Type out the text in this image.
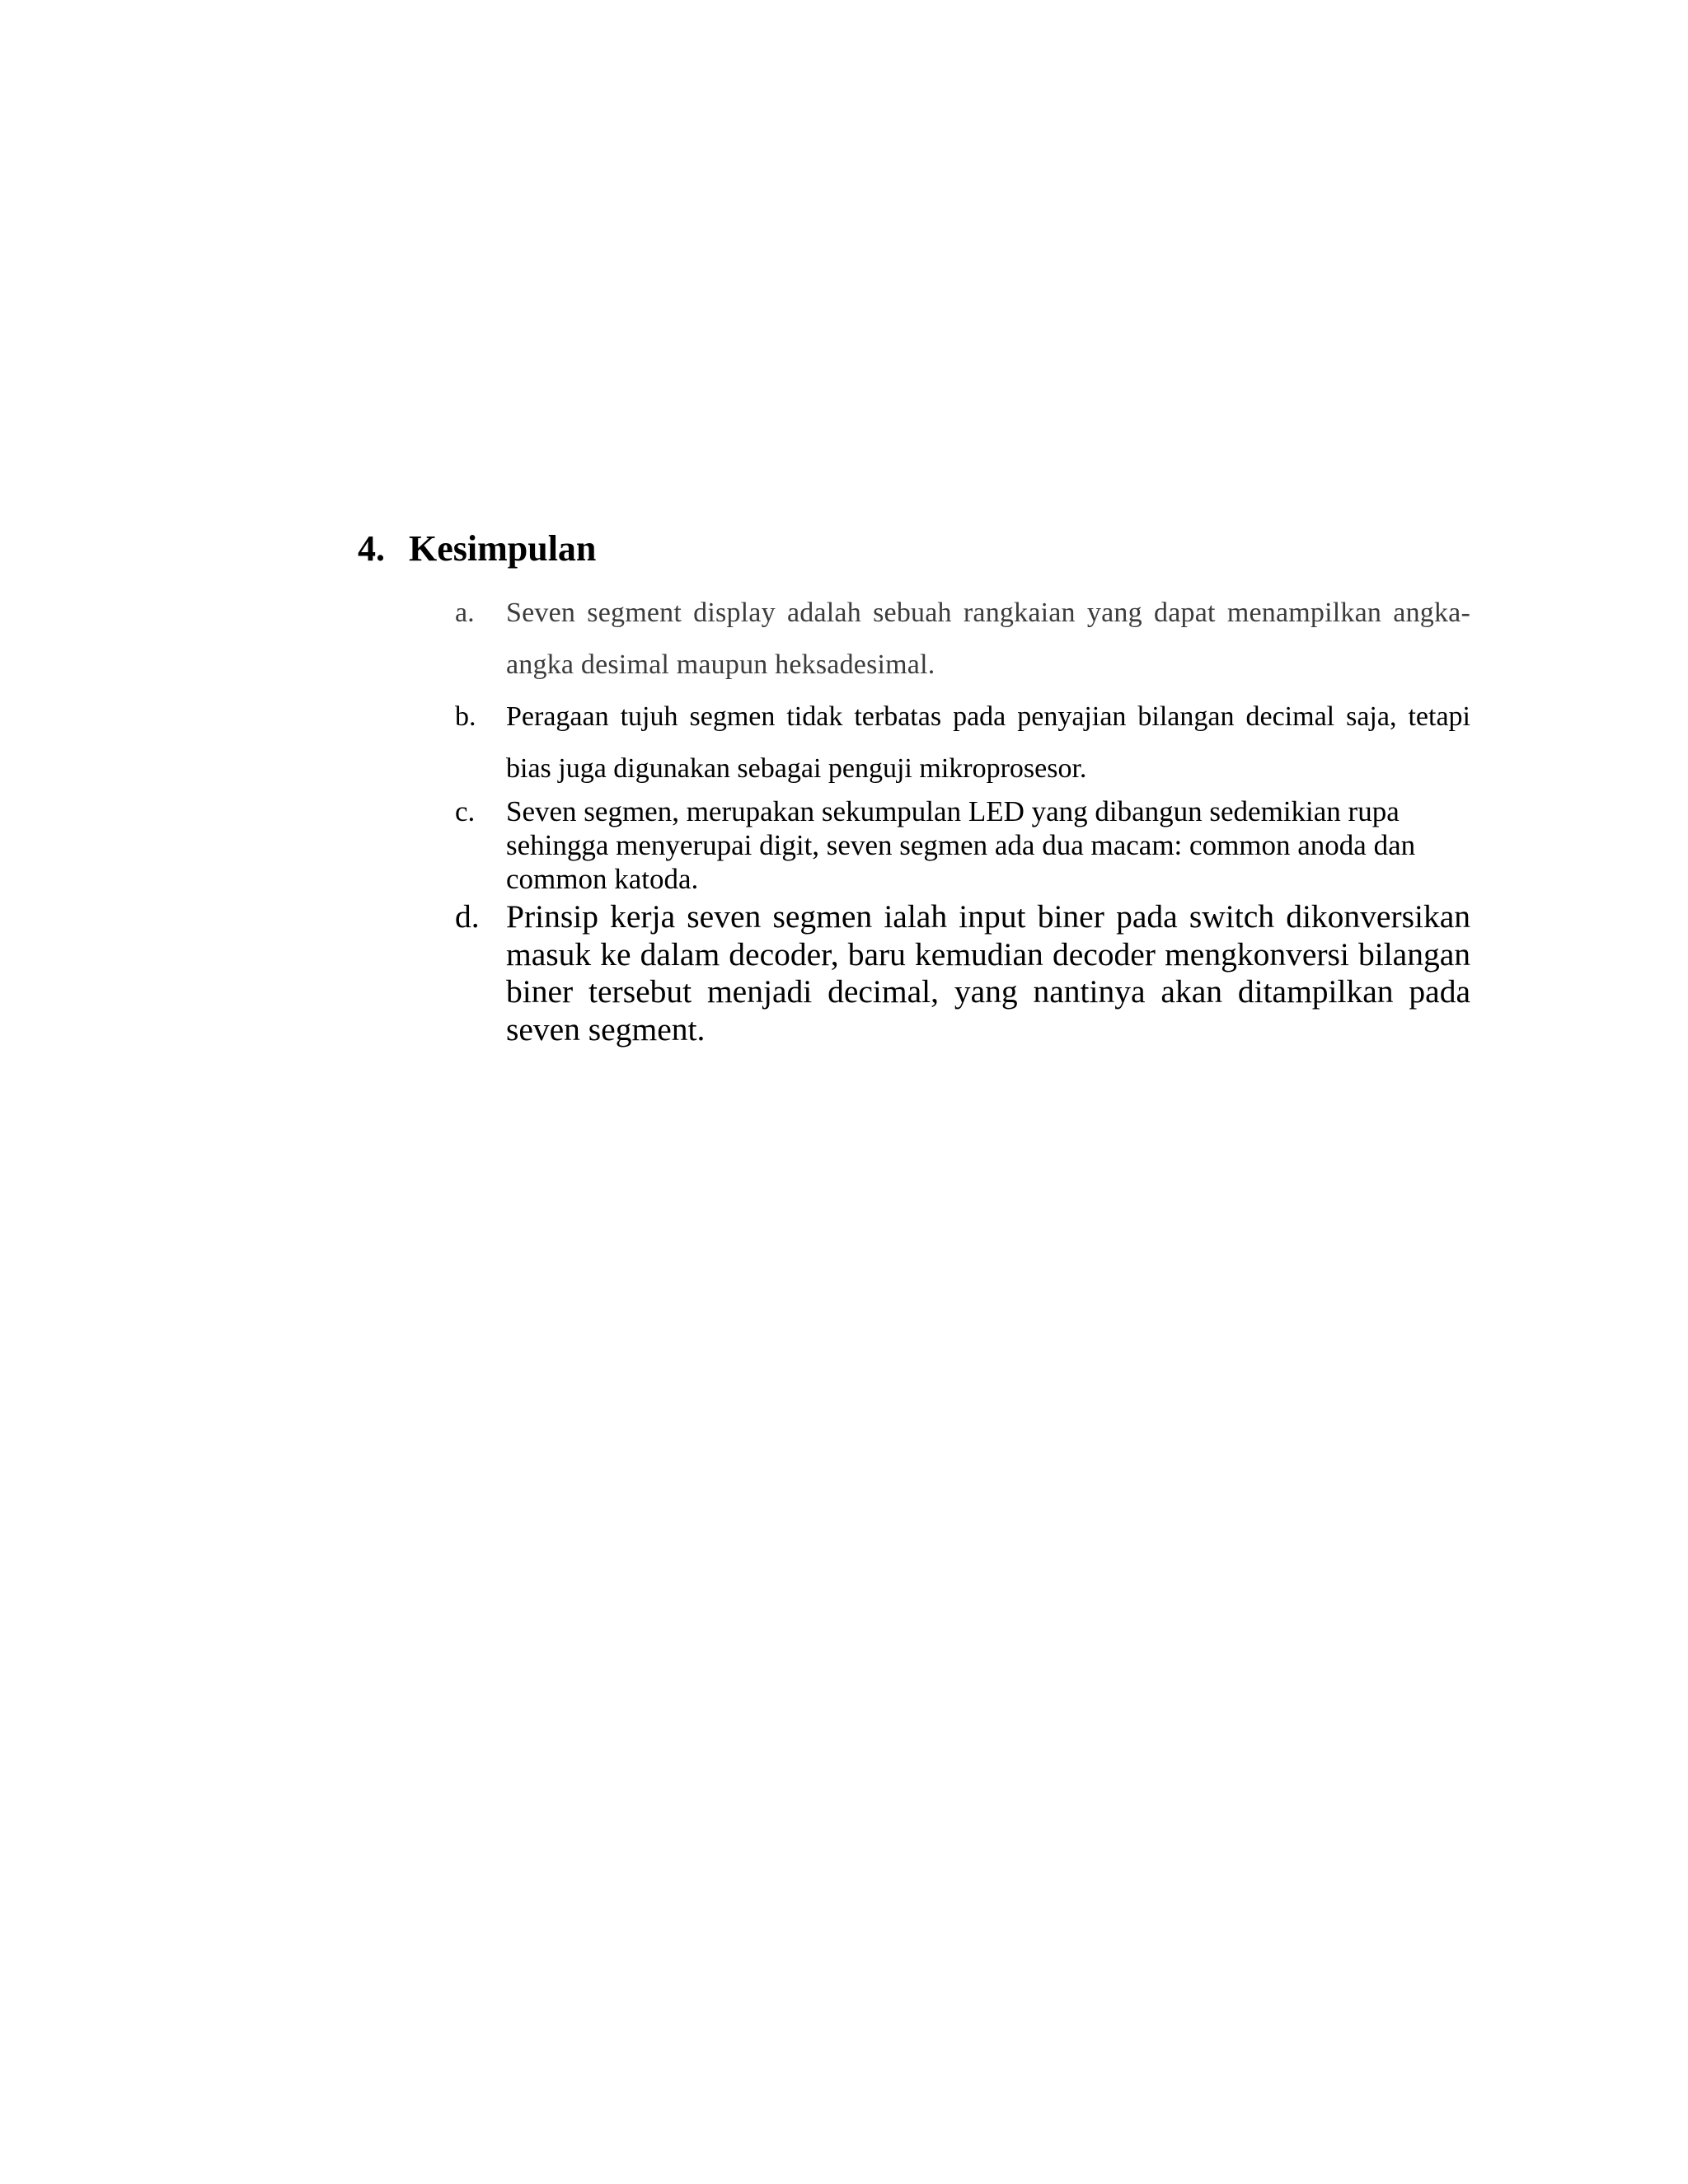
4. Kesimpulan
a. Seven segment display adalah sebuah rangkaian yang dapat menampilkan angka-angka desimal maupun heksadesimal.
b. Peragaan tujuh segmen tidak terbatas pada penyajian bilangan decimal saja, tetapi bias juga digunakan sebagai penguji mikroprosesor.
c. Seven segmen, merupakan sekumpulan LED yang dibangun sedemikian rupa sehingga menyerupai digit, seven segmen ada dua macam: common anoda dan common katoda.
d. Prinsip kerja seven segmen ialah input biner pada switch dikonversikan masuk ke dalam decoder, baru kemudian decoder mengkonversi bilangan biner tersebut menjadi decimal, yang nantinya akan ditampilkan pada seven segment.
